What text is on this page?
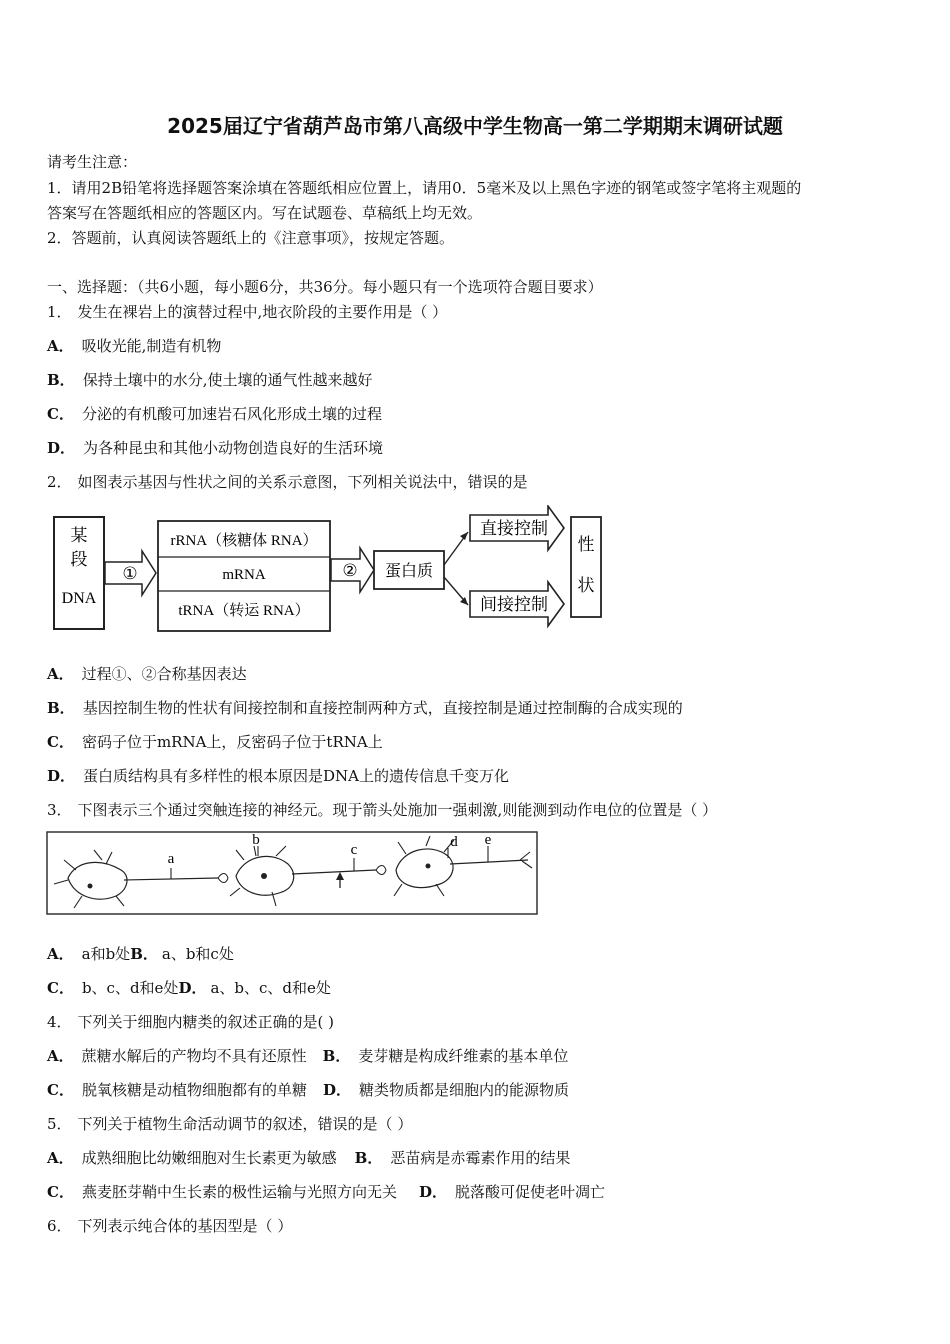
2025届辽宁省葫芦岛市第八高级中学生物高一第二学期期末调研试题
请考生注意：
1．请用2B铅笔将选择题答案涂填在答题纸相应位置上，请用0．5毫米及以上黑色字迹的钢笔或签字笔将主观题的
答案写在答题纸相应的答题区内。写在试题卷、草稿纸上均无效。
2．答题前，认真阅读答题纸上的《注意事项》，按规定答题。
一、选择题：（共6小题，每小题6分，共36分。每小题只有一个选项符合题目要求）
1． 发生在裸岩上的演替过程中,地衣阶段的主要作用是（ ）
A． 吸收光能,制造有机物
B． 保持土壤中的水分,使土壤的通气性越来越好
C． 分泌的有机酸可加速岩石风化形成土壤的过程
D． 为各种昆虫和其他小动物创造良好的生活环境
2． 如图表示基因与性状之间的关系示意图，下列相关说法中，错误的是
某
段
DNA
①
rRNA（核糖体 RNA）
mRNA
tRNA（转运 RNA）
② 蛋白质
直接控制
间接控制
性
状
A． 过程①、②合称基因表达
B． 基因控制生物的性状有间接控制和直接控制两种方式，直接控制是通过控制酶的合成实现的
C． 密码子位于mRNA上，反密码子位于tRNA上
D． 蛋白质结构具有多样性的根本原因是DNA上的遗传信息千变万化
3． 下图表示三个通过突触连接的神经元。现于箭头处施加一强刺激,则能测到动作电位的位置是（ ）
a
b
c	d e
A． a和b处B． a、b和c处
C． b、c、d和e处D． a、b、c、d和e处
4． 下列关于细胞内糖类的叙述正确的是( )
A． 蔗糖水解后的产物均不具有还原性 B． 麦芽糖是构成纤维素的基本单位
C． 脱氧核糖是动植物细胞都有的单糖 D． 糖类物质都是细胞内的能源物质
5． 下列关于植物生命活动调节的叙述，错误的是（ ）
A． 成熟细胞比幼嫩细胞对生长素更为敏感 B． 恶苗病是赤霉素作用的结果
C． 燕麦胚芽鞘中生长素的极性运输与光照方向无关 D． 脱落酸可促使老叶凋亡
6． 下列表示纯合体的基因型是（ ）
